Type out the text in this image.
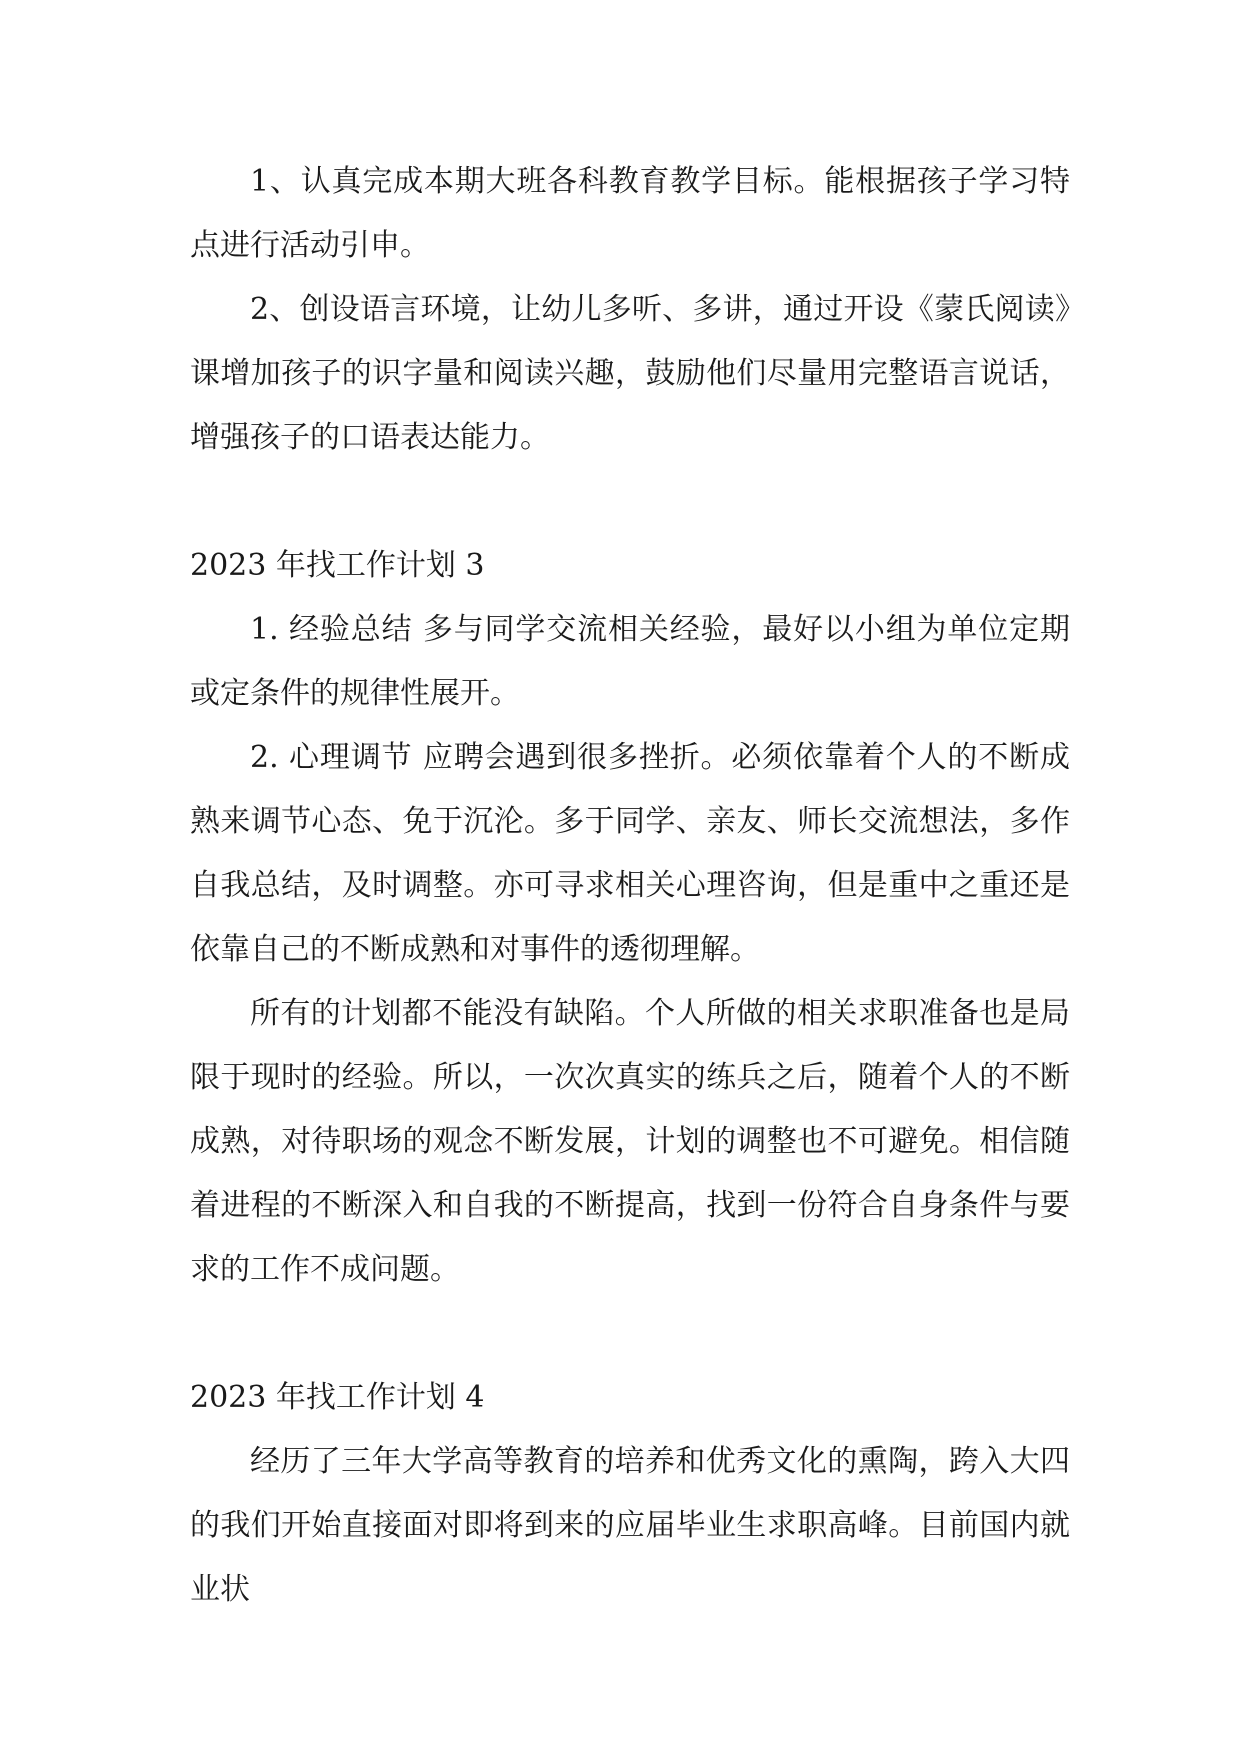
1、认真完成本期大班各科教育教学目标。能根据孩子学习特点进行活动引申。

2、创设语言环境，让幼儿多听、多讲，通过开设《蒙氏阅读》课增加孩子的识字量和阅读兴趣，鼓励他们尽量用完整语言说话，增强孩子的口语表达能力。

2023 年找工作计划 3

1. 经验总结 多与同学交流相关经验，最好以小组为单位定期或定条件的规律性展开。

2. 心理调节 应聘会遇到很多挫折。必须依靠着个人的不断成熟来调节心态、免于沉沦。多于同学、亲友、师长交流想法，多作自我总结，及时调整。亦可寻求相关心理咨询，但是重中之重还是依靠自己的不断成熟和对事件的透彻理解。

所有的计划都不能没有缺陷。个人所做的相关求职准备也是局限于现时的经验。所以，一次次真实的练兵之后，随着个人的不断成熟，对待职场的观念不断发展，计划的调整也不可避免。相信随着进程的不断深入和自我的不断提高，找到一份符合自身条件与要求的工作不成问题。

2023 年找工作计划 4

经历了三年大学高等教育的培养和优秀文化的熏陶，跨入大四的我们开始直接面对即将到来的应届毕业生求职高峰。目前国内就业状
